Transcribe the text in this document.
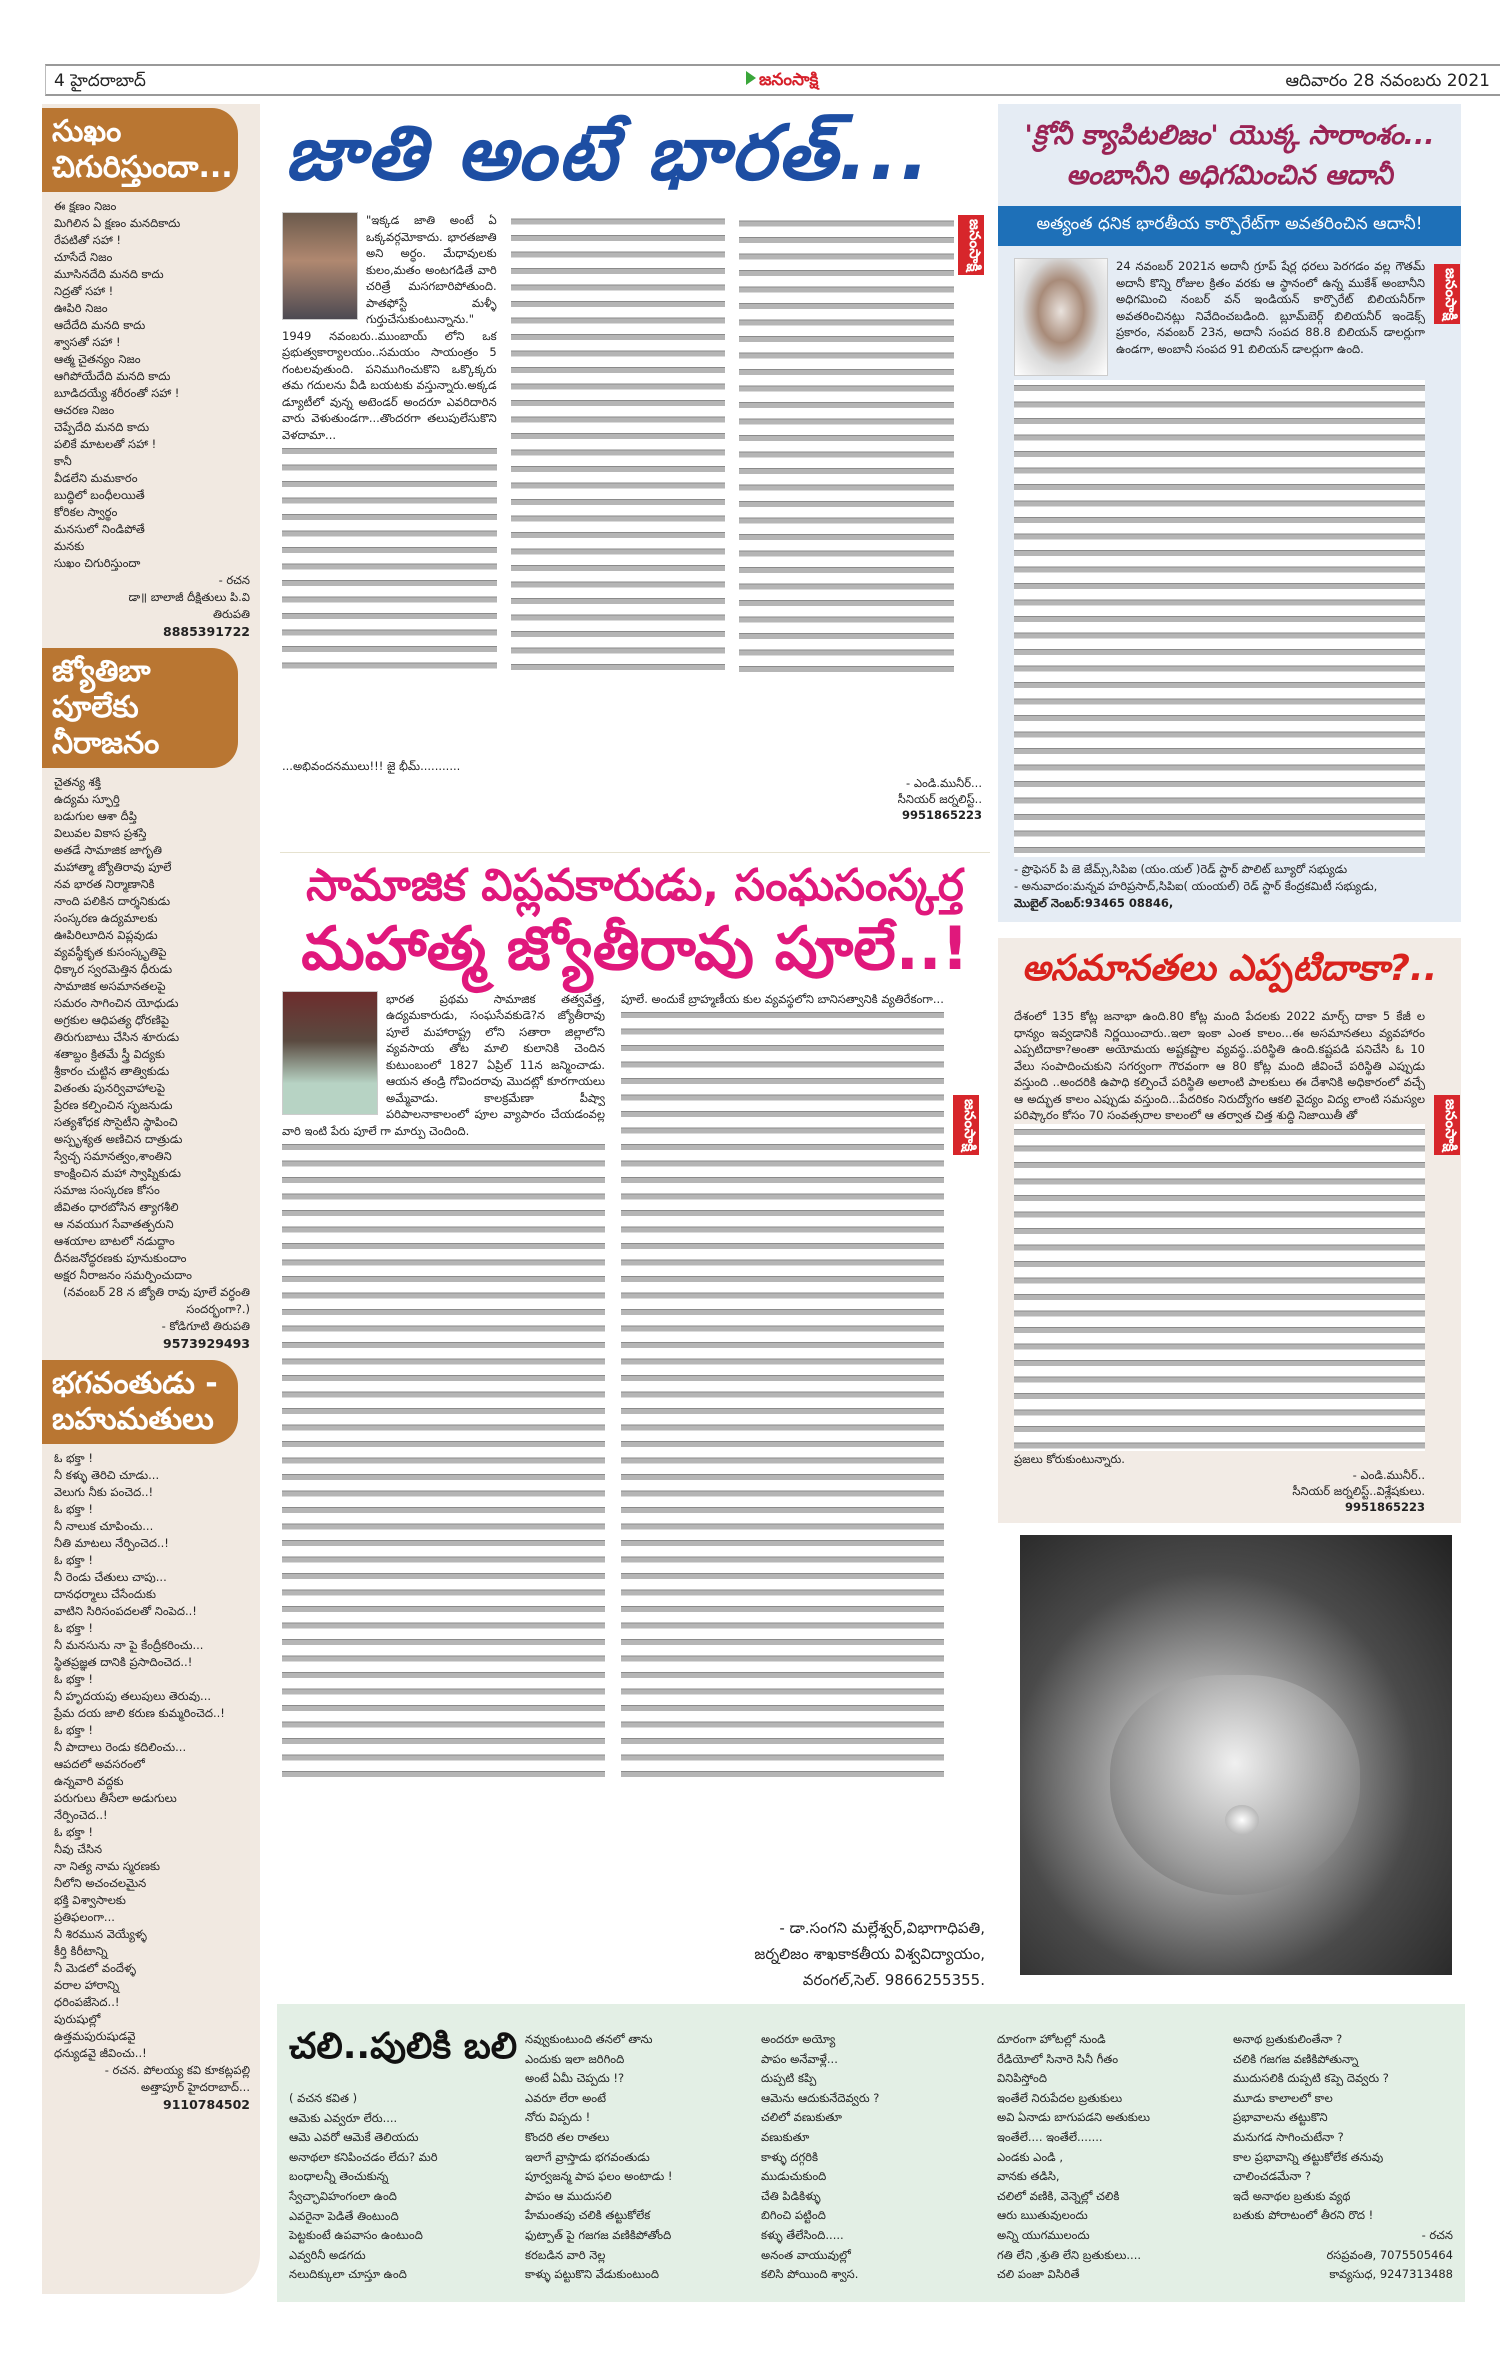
4 హైదరాబాద్	జనంసాక్షి	ఆదివారం 28 నవంబరు 2021
సుఖం చిగురిస్తుందా...
ఈ క్షణం నిజం
మిగిలిన ఏ క్షణం మనదికాదు
రేపటితో సహా !
చూసేదే నిజం
మూసినదేది మనది కాదు
నిద్రతో సహా !
ఊపిరి నిజం
ఆదేదేది మనది కాదు
శ్వాసతో సహా !
ఆత్మ చైతన్యం నిజం
ఆగిపోయేదేది మనది కాదు
బూడిదయ్యే శరీరంతో సహా !
ఆచరణ నిజం
చెప్పేదేది మనది కాదు
పలికే మాటలతో సహా !
కానీ
వీడలేని మమకారం
బుద్ధిలో బంధీలయితే
కోరికల స్వార్థం
మనసులో నిండిపోతే
మనకు
సుఖం చిగురిస్తుందా
- రచన
డా॥ బాలాజీ దీక్షితులు పి.వి
తిరుపతి
8885391722
జ్యోతిబా పూలేకు నీరాజనం
చైతన్య శక్తి
ఉద్యమ స్ఫూర్తి
బడుగుల ఆశా దీప్తి
విలువల వికాస ప్రశస్తి
అతడే సామాజిక జాగృతి
మహాత్మా జ్యోతిరావు పూలే
నవ భారత నిర్మాణానికి
నాంది పలికిన దార్శనికుడు
సంస్కరణ ఉద్యమాలకు
ఊపిరిలూదిన విప్లవుడు
వ్యవస్థీకృత కుసంస్కృతిపై
ధిక్కార స్వరమెత్తిన ధీరుడు
సామాజిక అసమానతలపై
సమరం సాగించిన యోధుడు
అగ్రకుల ఆధిపత్య ధోరణిపై
తిరుగుబాటు చేసిన శూరుడు
శతాబ్దం క్రితమే స్త్రీ విద్యకు
శ్రీకారం చుట్టిన తాత్వికుడు
వితంతు పునర్వివాహాలపై
ప్రేరణ కల్పించిన సృజనుడు
సత్యశోధక సొసైటీని స్థాపించి
అస్పృశ్యత అణిచిన దాత్రుడు
స్వేచ్ఛ సమానత్వం,శాంతిని
కాంక్షించిన మహా స్వాప్నికుడు
సమాజ సంస్కరణ కోసం
జీవితం ధారబోసిన త్యాగశీలి
ఆ నవయుగ సేవాతత్పరుని
ఆశయాల బాటలో నడుద్దాం
దీనజనోద్ధరణకు పూనుకుందాం
అక్షర నీరాజనం సమర్పించుదాం
(నవంబర్ 28 న జ్యోతి రావు పూలే వర్ధంతి సందర్భంగా?.)
- కోడిగూటి తిరుపతి
9573929493
భగవంతుడు - బహుమతులు
ఓ భక్తా !
నీ కళ్ళు తెరిచి చూడు...
వెలుగు నీకు పంచెద..!
ఓ భక్తా !
నీ నాలుక చూపించు...
నీతి మాటలు నేర్పించెద..!
ఓ భక్తా !
నీ రెండు చేతులు చాపు...
దానధర్మాలు చేసేందుకు
వాటిని సిరిసంపదలతో నింపెద..!
ఓ భక్తా !
నీ మనసును నా పై కేంద్రీకరించు...
స్థితప్రజ్ఞత దానికి ప్రసాదించెద..!
ఓ భక్తా !
నీ హృదయపు తలుపులు తెరువు...
ప్రేమ దయ జాలి కరుణ కుమ్మరించెద..!
ఓ భక్తా !
నీ పాదాలు రెండు కదిలించు...
ఆపదలో అవసరంలో
ఉన్నవారి వద్దకు
పరుగులు తీసేలా అడుగులు
నేర్పించెద..!
ఓ భక్తా !
నీవు చేసిన
నా నిత్య నామ స్మరణకు
నీలోని అచంచలమైన
భక్తి విశ్వాసాలకు
ప్రతిఫలంగా...
నీ శిరమున వెయ్యేళ్ళ
కీర్తి కిరీటాన్ని
నీ మెడలో వందేళ్ళ
వరాల హారాన్ని
ధరింపజేసెద..!
పురుషుల్లో
ఉత్తమపురుషుడవై
ధన్యుడవై జీవించు..!
- రచన. పోలయ్య కవి కూకట్లపల్లి
అత్తాపూర్ హైదరాబాద్...
9110784502
జాతి అంటే భారత్...

"ఇక్కడ జాతి అంటే ఏ ఒక్కవర్గమోకాదు. భారతజాతి అని అర్ధం. మేధావులకు కులం,మతం అంటగడితే వారి చరిత్రే మసగబారిపోతుంది. పాతఫోస్టే మళ్ళీ గుర్తుచేసుకుంటున్నాను." 1949 నవంబరు..ముంబాయ్ లోని ఒక ప్రభుత్వకార్యాలయం..సమయం సాయంత్రం 5 గంటలవుతుంది. పనిముగించుకొని ఒక్కొక్కరు తమ గదులను వీడి బయటకు వస్తున్నారు.అక్కడ డ్యూటీలో వున్న అటెండర్ అందరూ ఎవరిదారిన వారు వెళుతుండగా...తొందరగా తలుపులేసుకొని వెళదామా...

జనంసాక్షి

...అభివందనములు!!! జై భీమ్...........

- ఎండి.మునీర్...
సీనియర్ జర్నలిస్ట్..
9951865223
సామాజిక విప్లవకారుడు, సంఘసంస్కర్త
మహాత్మ జ్యోతీరావు పూలే..!

భారత ప్రథమ సామాజిక తత్వవేత్త, ఉద్యమకారుడు, సంఘసేవకుడె?న జ్యోతీరావు పూలే మహారాష్ట్ర లోని సతారా జిల్లాలోని వ్యవసాయ తోట మాలి కులానికి చెందిన కుటుంబంలో 1827 ఏప్రిల్ 11న జన్మించాడు. ఆయన తండ్రి గోవిందరావు మొదట్లో కూరగాయలు అమ్మేవాడు. కాలక్రమేణా పీష్వా పరిపాలనాకాలంలో పూల వ్యాపారం చేయడంవల్ల వారి ఇంటి పేరు పూలే గా మార్పు చెందింది.

పూలే. అందుకే బ్రాహ్మణీయ కుల వ్యవస్థలోని బానిసత్వానికి వ్యతిరేకంగా...

జనంసాక్షి
- డా.సంగని మల్లేశ్వర్,విభాగాధిపతి,
జర్నలిజం శాఖకాకతీయ విశ్వవిద్యాయం,
వరంగల్,సెల్. 9866255355.
'క్రోనీ క్యాపిటలిజం' యొక్క సారాంశం...
అంబానీని అధిగమించిన ఆదానీ
అత్యంత ధనిక భారతీయ కార్పొరేట్‌గా అవతరించిన ఆదానీ!

24 నవంబర్ 2021న అదానీ గ్రూప్ షేర్ల ధరలు పెరగడం వల్ల గౌతమ్ అదానీ కొన్ని రోజుల క్రితం వరకు ఆ స్థానంలో ఉన్న ముకేశ్ అంబానీని అధిగమించి నంబర్ వన్ ఇండియన్ కార్పొరేట్ బిలియనీర్‌గా అవతరించినట్లు నివేదించబడింది. బ్లూమ్‌బెర్గ్ బిలియనీర్ ఇండెక్స్ ప్రకారం, నవంబర్ 23న, అదానీ సంపద 88.8 బిలియన్ డాలర్లుగా ఉండగా, అంబానీ సంపద 91 బిలియన్ డాలర్లుగా ఉంది.

- ప్రొఫెసర్ పి జె జేమ్స్,సిపిఐ (యం.యల్ )రెడ్ స్టార్ పొలిట్ బ్యూరో సభ్యుడు
- అనువాదం:మన్నవ హరిప్రసాద్,సిపిఐ( యంయల్) రెడ్ స్టార్ కేంద్రకమిటీ సభ్యుడు,
మొబైల్ నెంబర్:93465 08846,
జనంసాక్షి
అసమానతలు ఎప్పటిదాకా?..

దేశంలో 135 కోట్ల జనాభా ఉంది.80 కోట్ల మంది పేదలకు 2022 మార్చ్ దాకా 5 కేజీ ల ధాన్యం ఇవ్వడానికి నిర్ణయించారు..ఇలా ఇంకా ఎంత కాలం...ఈ అసమానతలు వ్యవహారం ఎప్పటిదాకా?అంతా అయోమయ అష్టకష్టాల వ్యవస్థ..పరిస్థితి ఉంది.కష్టపడి పనిచేసి ఓ 10 వేలు సంపాదించుకుని సగర్వంగా గౌరవంగా ఆ 80 కోట్ల మంది జీవించే పరిస్థితి ఎప్పుడు వస్తుంది ..అందరికి ఉపాధి కల్పించే పరిస్థితి అలాంటి పాలకులు ఈ దేశానికి అధికారంలో వచ్చే ఆ అద్భుత కాలం ఎప్పుడు వస్తుంది...పేదరికం నిరుద్యోగం ఆకలి వైద్యం విద్య లాంటి సమస్యల పరిష్కారం కోసం 70 సంవత్సరాల కాలంలో ఆ తర్వాత చిత్త శుద్ధి నిజాయితీ తో

ప్రజలు కోరుకుంటున్నారు.
- ఎండి.మునీర్..
సీనియర్ జర్నలిస్ట్..విశ్లేషకులు.
9951865223
జనంసాక్షి
చలి..పులికి బలి
( వచన కవిత )
ఆమెకు ఎవ్వరూ లేరు....
ఆమె ఎవరో ఆమెకే తెలియదు
అనాథలా కనిపించడం లేదు? మరి
బంధాలన్నీ తెంచుకున్న
స్వేచ్ఛావిహంగంలా ఉంది
ఎవరైనా పెడితే తింటుంది
పెట్టకుంటే ఉపవాసం ఉంటుంది
ఎవ్వరినీ అడగదు
నలుదిక్కులా చూస్తూ ఉంది
నవ్వుకుంటుంది తనలో తాను
ఎందుకు ఇలా జరిగింది
అంటే ఏమీ చెప్పదు !?
ఎవరూ లేరా అంటే
నోరు విప్పదు !
కొందరి తల రాతలు
ఇలాగే వ్రాస్తాడు భగవంతుడు
పూర్వజన్మ పాప ఫలం అంటాడు !
పాపం ఆ ముదుసలి
హేమంతపు చలికి తట్టుకోలేక
ఫుట్పాత్ పై గజగజ వణికిపోతోంది
కరబడిన వారి నెల్ల
కాళ్ళు పట్టుకొని వేడుకుంటుంది
అందరూ అయ్యో
పాపం అనేవాళ్లే...
దుప్పటి కప్పి
ఆమెను ఆదుకునేదెవ్వరు ?
చలిలో వణుకుతూ
వణుకుతూ
కాళ్ళు దగ్గరికి
ముడుచుకుంది
చేతి పిడికిళ్ళు
బిగించి పట్టింది
కళ్ళు తేలేసింది.....
అనంత వాయువుల్లో
కలిసి పోయింది శ్వాస.
దూరంగా హోటల్లో నుండి
రేడియోలో సినారె సినీ గీతం
వినిపిస్తోంది
ఇంతేలే నిరుపేదల బ్రతుకులు
అవి ఏనాడు బాగుపడని అతుకులు
ఇంతేలే.... ఇంతేలే.......
ఎండకు ఎండి ,
వానకు తడిసి,
చలిలో వణికి, వెన్నెల్లో చలికి
ఆరు ఋతువులందు
అన్ని యుగములందు
గతి లేని ,శ్రుతి లేని బ్రతుకులు....
చలి పంజా విసిరితే
అనాథ బ్రతుకులింతేనా ?
చలికి గజగజ వణికిపోతున్నా
ముదుసలికి దుప్పటి కప్పె దెవ్వరు ?
మూడు కాలాలలో కాల
ప్రభావాలను తట్టుకొని
మనుగడ సాగించుటేనా ?
కాల ప్రభావాన్ని తట్టుకోలేక తనువు
చాలించడమేనా ?
ఇదే అనాథల బ్రతుకు వ్యథ
బతుకు పోరాటంలో తీరని రొద !
- రచన
రసప్రవంతి, 7075505464
కావ్యసుధ, 9247313488
